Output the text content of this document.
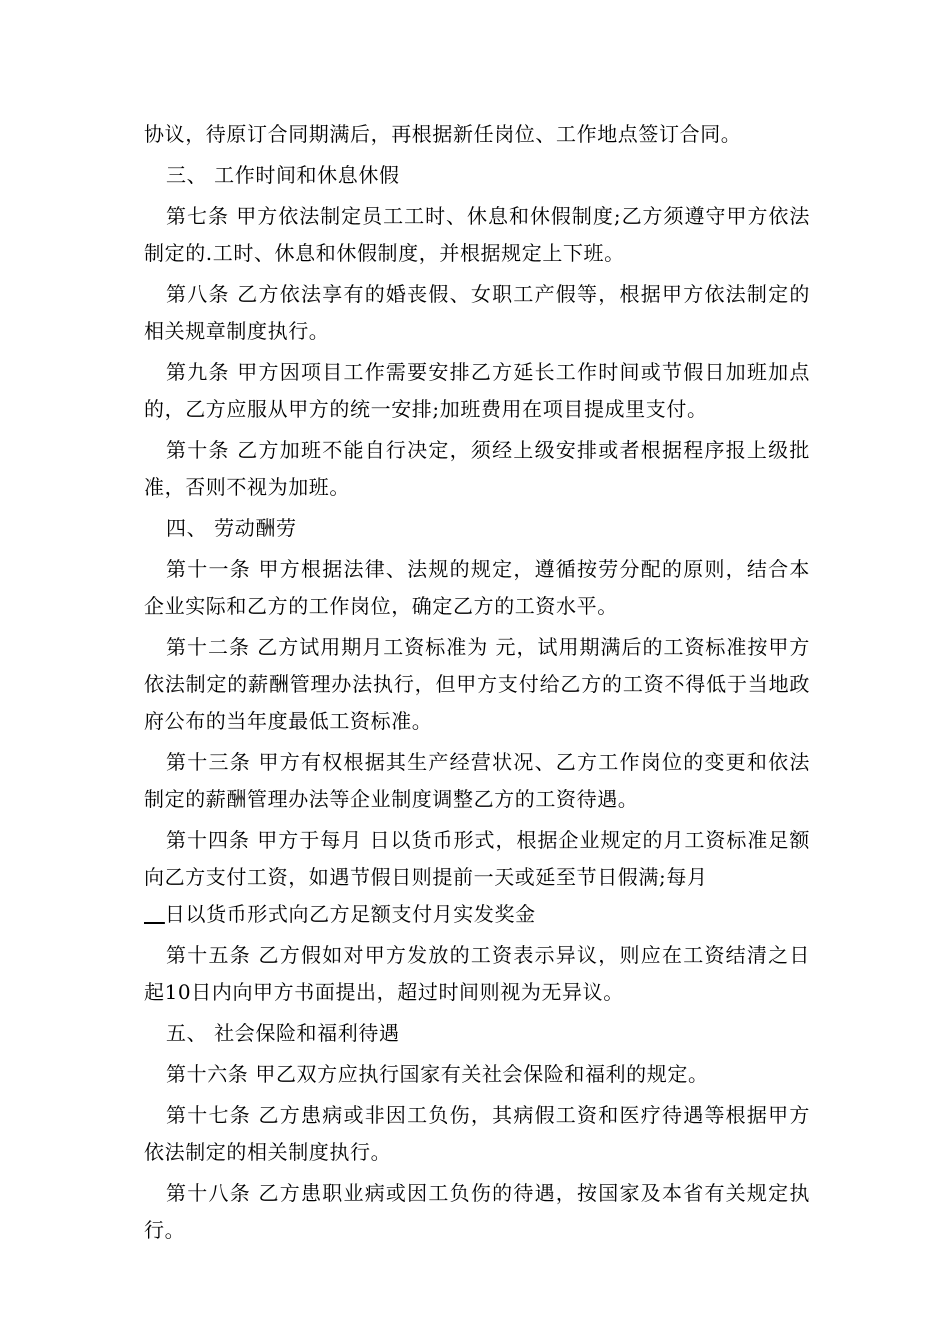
协议，待原订合同期满后，再根据新任岗位、工作地点签订合同。

三、 工作时间和休息休假

第七条 甲方依法制定员工工时、休息和休假制度;乙方须遵守甲方依法制定的.工时、休息和休假制度，并根据规定上下班。

第八条 乙方依法享有的婚丧假、女职工产假等，根据甲方依法制定的相关规章制度执行。

第九条 甲方因项目工作需要安排乙方延长工作时间或节假日加班加点的，乙方应服从甲方的统一安排;加班费用在项目提成里支付。

第十条 乙方加班不能自行决定，须经上级安排或者根据程序报上级批准，否则不视为加班。

四、 劳动酬劳

第十一条 甲方根据法律、法规的规定，遵循按劳分配的原则，结合本企业实际和乙方的工作岗位，确定乙方的工资水平。

第十二条 乙方试用期月工资标准为 元，试用期满后的工资标准按甲方依法制定的薪酬管理办法执行，但甲方支付给乙方的工资不得低于当地政府公布的当年度最低工资标准。

第十三条 甲方有权根据其生产经营状况、乙方工作岗位的变更和依法制定的薪酬管理办法等企业制度调整乙方的工资待遇。

第十四条 甲方于每月 日以货币形式，根据企业规定的月工资标准足额向乙方支付工资，如遇节假日则提前一天或延至节日假满;每月

日以货币形式向乙方足额支付月实发奖金

第十五条 乙方假如对甲方发放的工资表示异议，则应在工资结清之日起10日内向甲方书面提出，超过时间则视为无异议。

五、 社会保险和福利待遇

第十六条 甲乙双方应执行国家有关社会保险和福利的规定。

第十七条 乙方患病或非因工负伤，其病假工资和医疗待遇等根据甲方依法制定的相关制度执行。

第十八条 乙方患职业病或因工负伤的待遇，按国家及本省有关规定执行。
